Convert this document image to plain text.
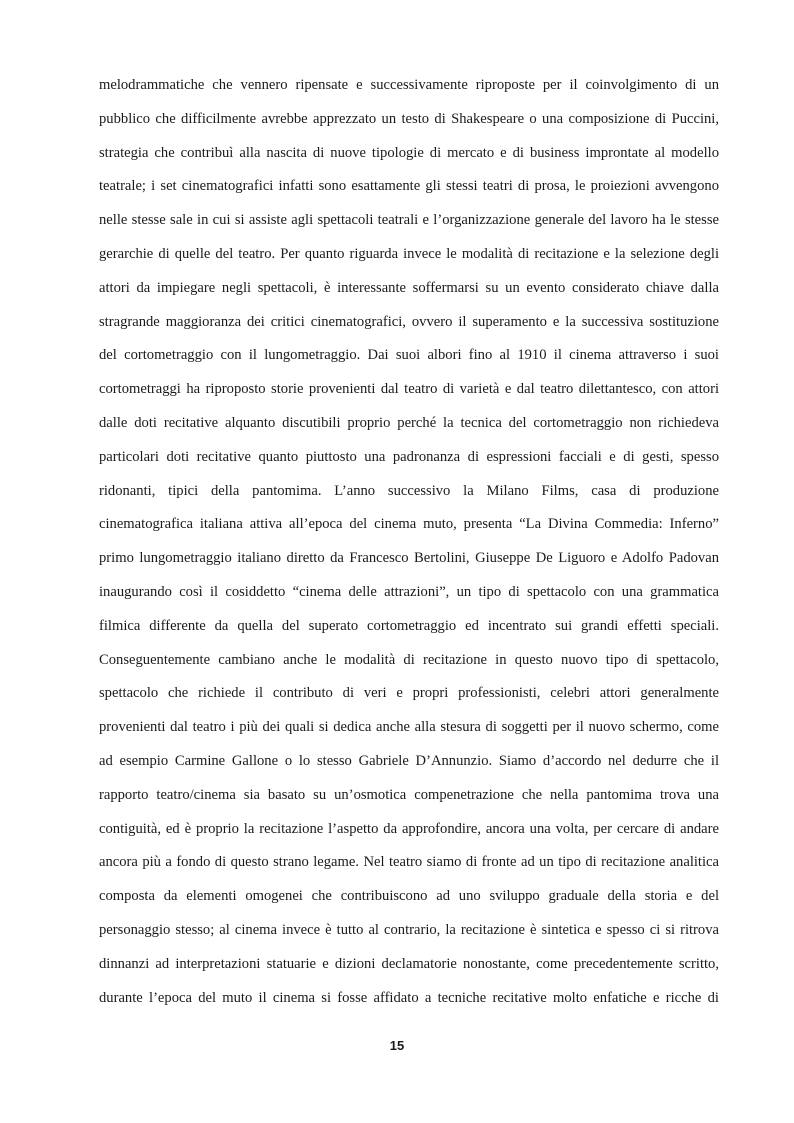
melodrammatiche che vennero ripensate e successivamente riproposte per il coinvolgimento di un
pubblico che difficilmente avrebbe apprezzato un testo di Shakespeare o una composizione di Puccini,
strategia che contribuì alla nascita di nuove tipologie di mercato e di business improntate al modello
teatrale; i set cinematografici infatti sono esattamente gli stessi teatri di prosa, le proiezioni avvengono
nelle stesse sale in cui si assiste agli spettacoli teatrali e l’organizzazione generale del lavoro ha le stesse
gerarchie di quelle del teatro. Per quanto riguarda invece le modalità di recitazione e la selezione degli
attori da impiegare negli spettacoli, è interessante soffermarsi su un evento considerato chiave dalla
stragrande maggioranza dei critici cinematografici, ovvero il superamento e la successiva sostituzione
del cortometraggio con il lungometraggio. Dai suoi albori fino al 1910 il cinema attraverso i suoi
cortometraggi ha riproposto storie provenienti dal teatro di varietà e dal teatro dilettantesco, con attori
dalle doti recitative alquanto discutibili proprio perché la tecnica del cortometraggio non richiedeva
particolari doti recitative quanto piuttosto una padronanza di espressioni facciali e di gesti, spesso
ridonanti, tipici della pantomima. L’anno successivo la Milano Films, casa di produzione
cinematografica italiana attiva all’epoca del cinema muto, presenta “La Divina Commedia: Inferno”
primo lungometraggio italiano diretto da Francesco Bertolini, Giuseppe De Liguoro e Adolfo Padovan
inaugurando così il cosiddetto “cinema delle attrazioni”, un tipo di spettacolo con una grammatica
filmica differente da quella del superato cortometraggio ed incentrato sui grandi effetti speciali.
Conseguentemente cambiano anche le modalità di recitazione in questo nuovo tipo di spettacolo,
spettacolo che richiede il contributo di veri e propri professionisti, celebri attori generalmente
provenienti dal teatro i più dei quali si dedica anche alla stesura di soggetti per il nuovo schermo, come
ad esempio Carmine Gallone o lo stesso Gabriele D’Annunzio. Siamo d’accordo nel dedurre che il
rapporto teatro/cinema sia basato su un’osmotica compenetrazione che nella pantomima trova una
contiguità, ed è proprio la recitazione l’aspetto da approfondire, ancora una volta, per cercare di andare
ancora più a fondo di questo strano legame. Nel teatro siamo di fronte ad un tipo di recitazione analitica
composta da elementi omogenei che contribuiscono ad uno sviluppo graduale della storia e del
personaggio stesso; al cinema invece è tutto al contrario, la recitazione è sintetica e spesso ci si ritrova
dinnanzi ad interpretazioni statuarie e dizioni declamatorie nonostante, come precedentemente scritto,
durante l’epoca del muto il cinema si fosse affidato a tecniche recitative molto enfatiche e ricche di
15
